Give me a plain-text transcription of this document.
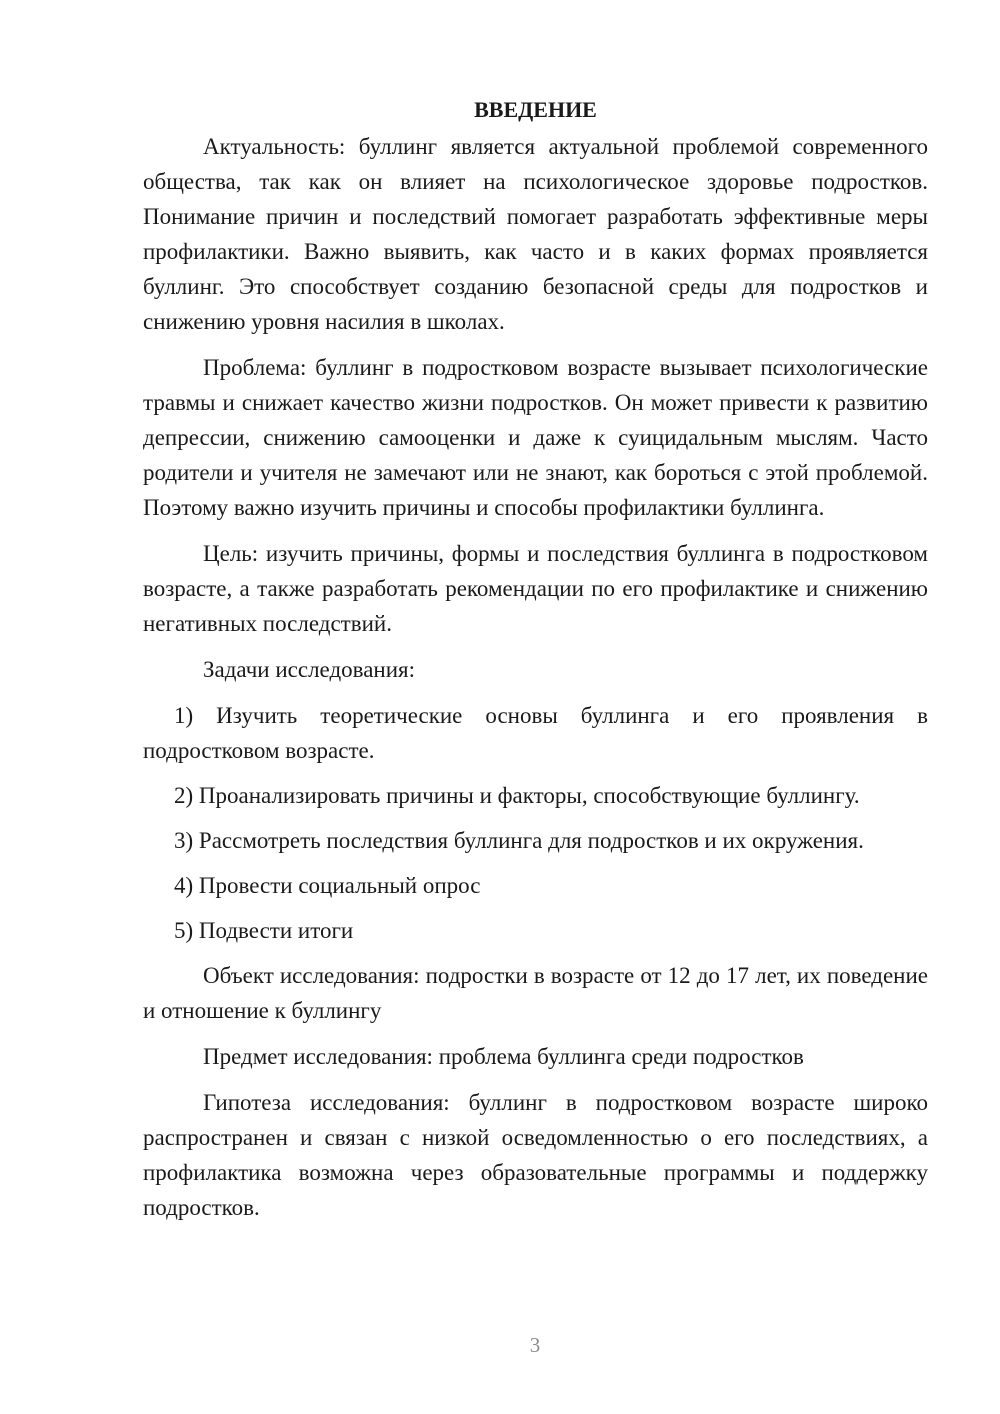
ВВЕДЕНИЕ

Актуальность: буллинг является актуальной проблемой современного общества, так как он влияет на психологическое здоровье подростков. Понимание причин и последствий помогает разработать эффективные меры профилактики. Важно выявить, как часто и в каких формах проявляется буллинг. Это способствует созданию безопасной среды для подростков и снижению уровня насилия в школах.

Проблема: буллинг в подростковом возрасте вызывает психологические травмы и снижает качество жизни подростков. Он может привести к развитию депрессии, снижению самооценки и даже к суицидальным мыслям. Часто родители и учителя не замечают или не знают, как бороться с этой проблемой. Поэтому важно изучить причины и способы профилактики буллинга.

Цель: изучить причины, формы и последствия буллинга в подростковом возрасте, а также разработать рекомендации по его профилактике и снижению негативных последствий.

Задачи исследования:

1) Изучить теоретические основы буллинга и его проявления в подростковом возрасте.

2) Проанализировать причины и факторы, способствующие буллингу.

3) Рассмотреть последствия буллинга для подростков и их окружения.

4) Провести социальный опрос

5) Подвести итоги

Объект исследования: подростки в возрасте от 12 до 17 лет, их поведение и отношение к буллингу

Предмет исследования: проблема буллинга среди подростков

Гипотеза исследования: буллинг в подростковом возрасте широко распространен и связан с низкой осведомленностью о его последствиях, а профилактика возможна через образовательные программы и поддержку подростков.

3
